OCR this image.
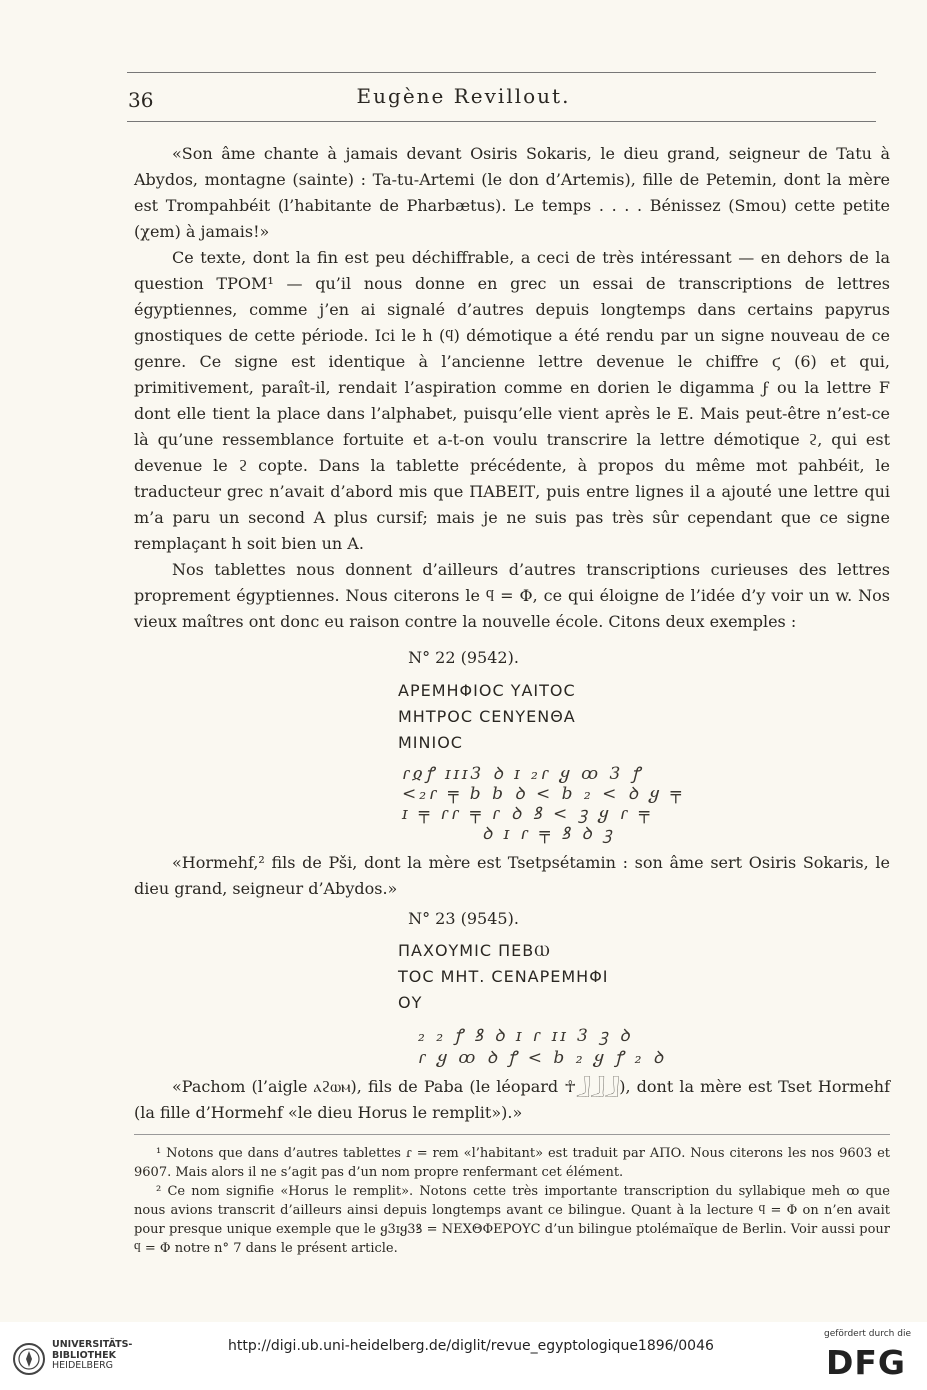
36	Eugène Revillout.

«Son âme chante à jamais devant Osiris Sokaris, le dieu grand, seigneur de Tatu à Abydos, montagne (sainte) : Ta-tu-Artemi (le don d’Artemis), fille de Petemin, dont la mère est Trompahbéit (l’habitante de Pharbætus). Le temps . . . . Bénissez (Smou) cette petite (χem) à jamais!»

Ce texte, dont la fin est peu déchiffrable, a ceci de très intéressant — en dehors de la question ТРОМ¹ — qu’il nous donne en grec un essai de transcriptions de lettres égyptiennes, comme j’en ai signalé d’autres depuis longtemps dans certains papyrus gnostiques de cette période. Ici le h (ϥ) démotique a été rendu par un signe nouveau de ce genre. Ce signe est identique à l’ancienne lettre devenue le chiffre ϛ (6) et qui, primitivement, paraît-il, rendait l’aspiration comme en dorien le digamma ϝ ou la lettre F dont elle tient la place dans l’alphabet, puisqu’elle vient après le E. Mais peut-être n’est-ce là qu’une ressemblance fortuite et a-t-on voulu transcrire la lettre démotique ϩ, qui est devenue le ϩ copte. Dans la tablette précédente, à propos du même mot pahbéit, le traducteur grec n’avait d’abord mis que ΠΑΒΕΙΤ, puis entre lignes il a ajouté une lettre qui m’a paru un second A plus cursif; mais je ne suis pas très sûr cependant que ce signe remplaçant h soit bien un A.

Nos tablettes nous donnent d’ailleurs d’autres transcriptions curieuses des lettres proprement égyptiennes. Nous citerons le ϥ = Φ, ce qui éloigne de l’idée d’y voir un w. Nos vieux maîtres ont donc eu raison contre la nouvelle école. Citons deux exemples :

N° 22 (9542).
ΑΡΕΜΗΦΙΟϹ ΥΑΙΤΟϹ
ΜΗΤΡΟϹ ϹΕΝΥΕΝΘΑ
ΜΙΝΙΟϹ
ɾჲꝭ ɪɪɪ3 ꝺ ɪ ₂ɾ ყ ꝏ 3 ꝭ
<₂ɾ ╤ b b ꝺ < b ₂ < ꝺ ყ ╤
ɪ ╤ ɾɾ ╤ ɾ ꝺ ꝸ < ꝫ ყ ɾ ╤
ꝺ ɪ ɾ ╤ ꝸ ꝺ ꝫ

«Hormehf,² fils de Pši, dont la mère est Tsetpsétamin : son âme sert Osiris Sokaris, le dieu grand, seigneur d’Abydos.»

N° 23 (9545).
ΠΑΧΟΥΜΙϹ ΠΕΒⲰ
ΤΟϹ ΜΗΤ. ϹΕΝΑΡΕΜΗΦΙ
ΟΥ
₂ ₂ ꝭ ꝸ ꝺ ɪ ɾ ɪɪ 3 ꝫ ꝺ
ɾ ყ ꝏ ꝺ ꝭ < b ₂ ყ ꝭ ₂ ꝺ

«Pachom (l’aigle ⲁϩⲱⲙ), fils de Paba (le léopard ☥𓃀𓃀𓃀), dont la mère est Tset Hormehf (la fille d’Hormehf «le dieu Horus le remplit»).»

¹ Notons que dans d’autres tablettes ɾ = rem «l’habitant» est traduit par ΑΠΟ. Nous citerons les nos 9603 et 9607. Mais alors il ne s’agit pas d’un nom propre renfermant cet élément.

² Ce nom signifie «Horus le remplit». Notons cette très importante transcription du syllabique meh ꝏ que nous avions transcrit d’ailleurs ainsi depuis longtemps avant ce bilingue. Quant à la lecture ϥ = Φ on n’en avait pour presque unique exemple que le ყ3ɪყ3ꝸ = ΝΕΧΘΦΕΡΟΥϹ d’un bilingue ptolémaïque de Berlin. Voir aussi pour ϥ = Φ notre n° 7 dans le présent article.

UNIVERSITÄTS-
BIBLIOTHEK
HEIDELBERG
http://digi.ub.uni-heidelberg.de/diglit/revue_egyptologique1896/0046
gefördert durch die
DFG
